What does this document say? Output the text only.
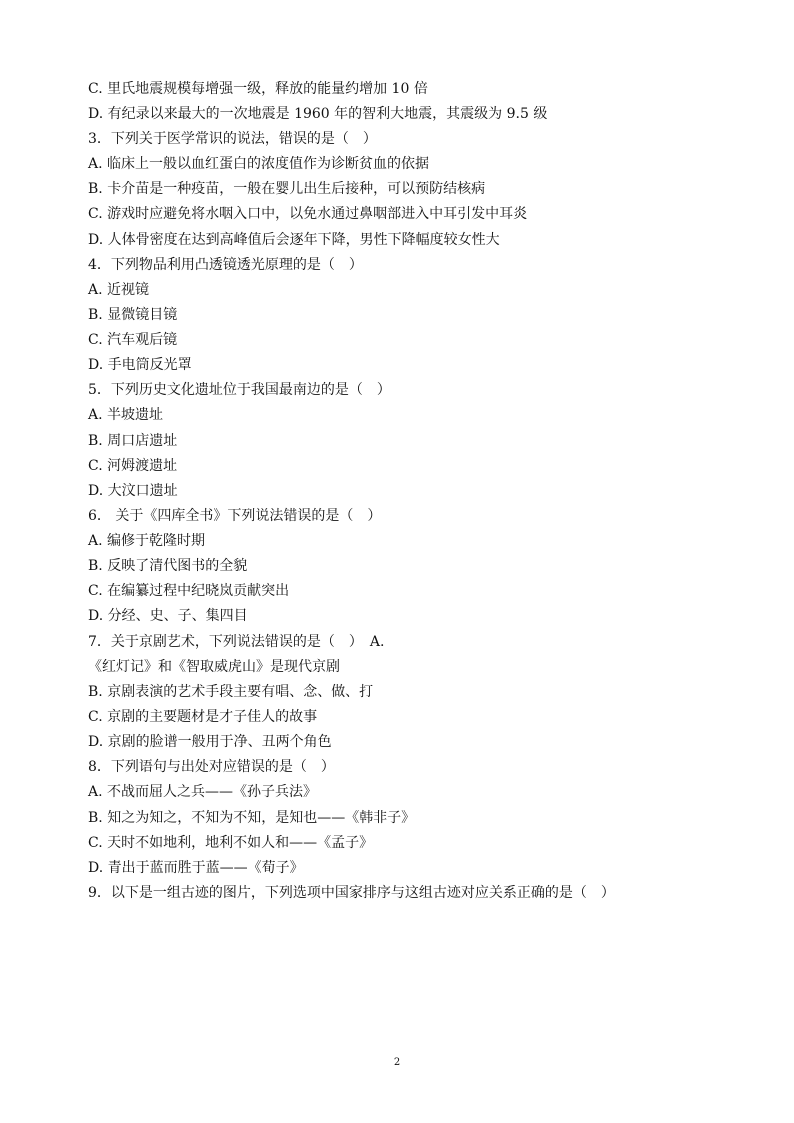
C. 里氏地震规模每增强一级，释放的能量约增加 10 倍
D. 有纪录以来最大的一次地震是 1960 年的智利大地震，其震级为 9.5 级
3．下列关于医学常识的说法，错误的是（　）
A. 临床上一般以血红蛋白的浓度值作为诊断贫血的依据
B. 卡介苗是一种疫苗，一般在婴儿出生后接种，可以预防结核病
C. 游戏时应避免将水咽入口中，以免水通过鼻咽部进入中耳引发中耳炎
D. 人体骨密度在达到高峰值后会逐年下降，男性下降幅度较女性大
4．下列物品利用凸透镜透光原理的是（　）
A. 近视镜
B. 显微镜目镜
C. 汽车观后镜
D. 手电筒反光罩
5．下列历史文化遗址位于我国最南边的是（　）
A. 半坡遗址
B. 周口店遗址
C. 河姆渡遗址
D. 大汶口遗址
6． 关于《四库全书》下列说法错误的是（　）
A. 编修于乾隆时期
B. 反映了清代图书的全貌
C. 在编纂过程中纪晓岚贡献突出
D. 分经、史、子、集四目
7．关于京剧艺术，下列说法错误的是（　）　A.
《红灯记》和《智取威虎山》是现代京剧
B. 京剧表演的艺术手段主要有唱、念、做、打
C. 京剧的主要题材是才子佳人的故事
D. 京剧的脸谱一般用于净、丑两个角色
8．下列语句与出处对应错误的是（　）
A. 不战而屈人之兵——《孙子兵法》
B. 知之为知之，不知为不知，是知也——《韩非子》
C. 天时不如地利，地利不如人和——《孟子》
D. 青出于蓝而胜于蓝——《荀子》
9．以下是一组古迹的图片，下列选项中国家排序与这组古迹对应关系正确的是（　）
2
